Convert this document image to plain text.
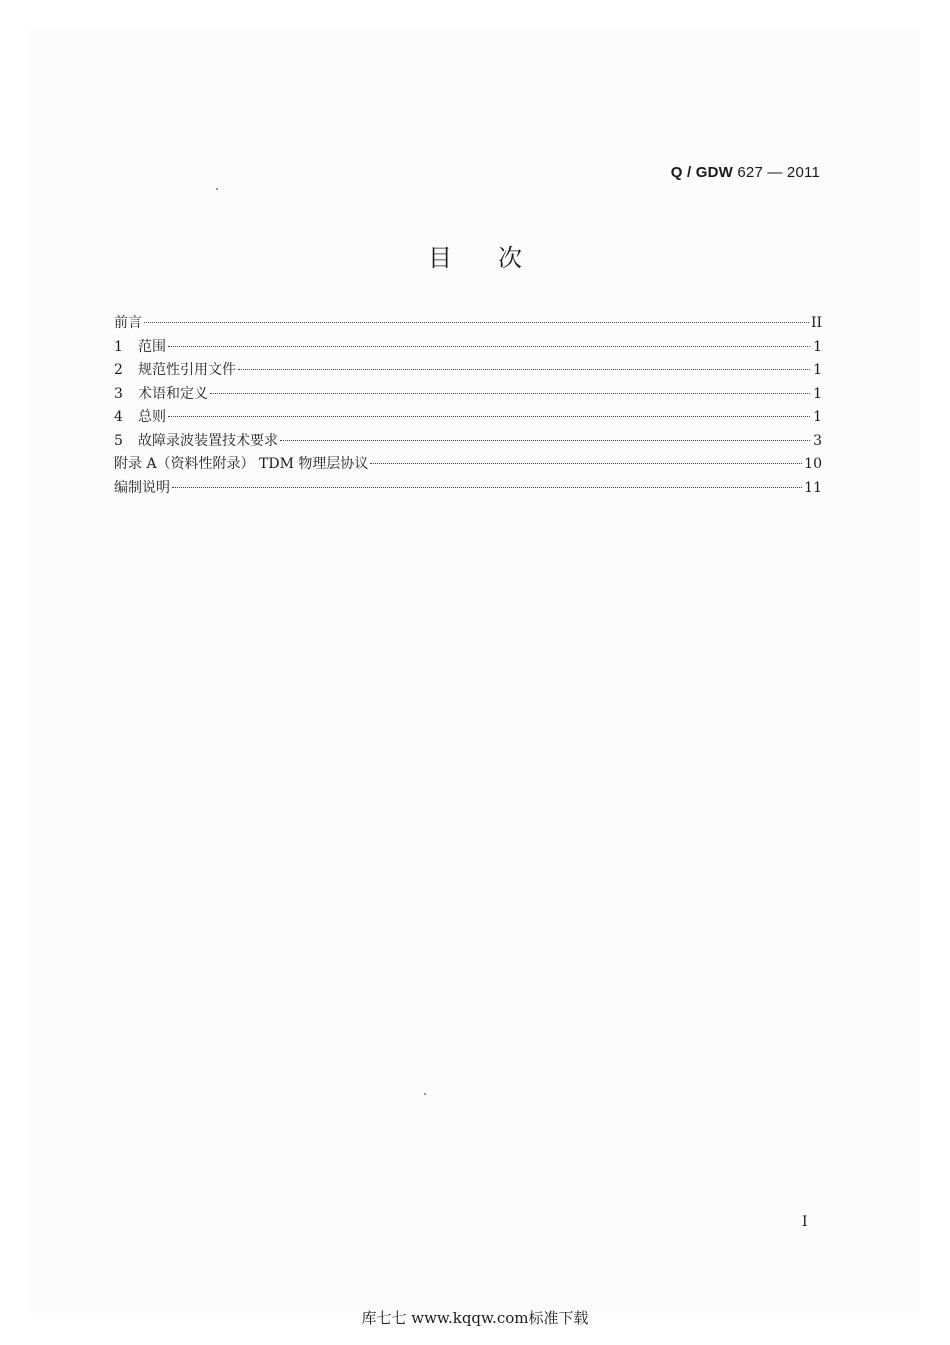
Q / GDW 627 — 2011
目次
前言	II
1	范围	1
2	规范性引用文件	1
3	术语和定义	1
4	总则	1
5	故障录波装置技术要求	3
附录 A（资料性附录） TDM 物理层协议	10
编制说明	11
I
库七七 www.kqqw.com标准下载
